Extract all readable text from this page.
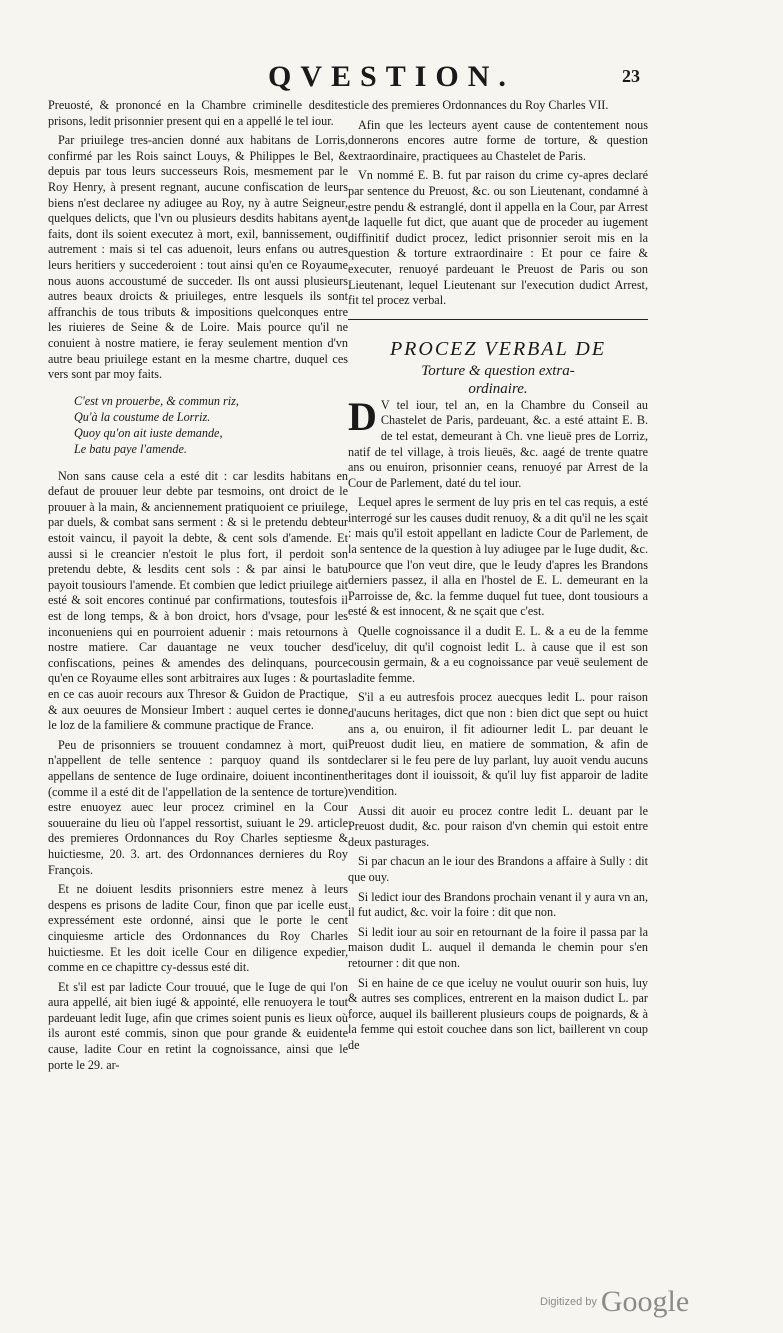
QVESTION.	23

Preuosté, & prononcé en la Chambre criminelle desdites prisons, ledit prisonnier present qui en a appellé le tel iour.

Par priuilege tres-ancien donné aux habitans de Lorris, confirmé par les Rois sainct Louys, & Philippes le Bel, & depuis par tous leurs successeurs Rois, mesmement par le Roy Henry, à present regnant, aucune confiscation de leurs biens n'est declaree ny adiugee au Roy, ny à autre Seigneur, quelques delicts, que l'vn ou plusieurs desdits habitans ayent faits, dont ils soient executez à mort, exil, bannissement, ou autrement : mais si tel cas aduenoit, leurs enfans ou autres leurs heritiers y succederoient : tout ainsi qu'en ce Royaume nous auons accoustumé de succeder. Ils ont aussi plusieurs autres beaux droicts & priuileges, entre lesquels ils sont affranchis de tous tributs & impositions quelconques entre les riuieres de Seine & de Loire. Mais pource qu'il ne conuient à nostre matiere, ie feray seulement mention d'vn autre beau priuilege estant en la mesme chartre, duquel ces vers sont par moy faits.

C'est vn prouerbe, & commun riz,
Qu'à la coustume de Lorriz.
Quoy qu'on ait iuste demande,
Le batu paye l'amende.

Non sans cause cela a esté dit : car lesdits habitans en defaut de prouuer leur debte par tesmoins, ont droict de le prouuer à la main, & anciennement pratiquoient ce priuilege, par duels, & combat sans serment : & si le pretendu debteur estoit vaincu, il payoit la debte, & cent sols d'amende. Et aussi si le creancier n'estoit le plus fort, il perdoit son pretendu debte, & lesdits cent sols : & par ainsi le batu payoit tousiours l'amende. Et combien que ledict priuilege ait esté & soit encores continué par confirmations, toutesfois il est de long temps, & à bon droict, hors d'vsage, pour les inconueniens qui en pourroient aduenir : mais retournons à nostre matiere. Car dauantage ne veux toucher des confiscations, peines & amendes des delinquans, pource qu'en ce Royaume elles sont arbitraires aux Iuges : & pourtas en ce cas auoir recours aux Thresor & Guidon de Practique, & aux oeuures de Monsieur Imbert : auquel certes ie donne le loz de la familiere & commune practique de France.

Peu de prisonniers se trouuent condamnez à mort, qui n'appellent de telle sentence : parquoy quand ils sont appellans de sentence de Iuge ordinaire, doiuent incontinent (comme il a esté dit de l'appellation de la sentence de torture) estre enuoyez auec leur procez criminel en la Cour souueraine du lieu où l'appel ressortist, suiuant le 29. article des premieres Ordonnances du Roy Charles septiesme & huictiesme, 20. 3. art. des Ordonnances dernieres du Roy François.

Et ne doiuent lesdits prisonniers estre menez à leurs despens es prisons de ladite Cour, finon que par icelle eust expressément este ordonné, ainsi que le porte le cent cinquiesme article des Ordonnances du Roy Charles huictiesme. Et les doit icelle Cour en diligence expedier, comme en ce chapittre cy-dessus esté dit.

Et s'il est par ladicte Cour trouué, que le Iuge de qui l'on aura appellé, ait bien iugé & appointé, elle renuoyera le tout pardeuant ledit Iuge, afin que crimes soient punis es lieux où ils auront esté commis, sinon que pour grande & euidente cause, ladite Cour en retint la cognoissance, ainsi que le porte le 29. ar-

ticle des premieres Ordonnances du Roy Charles VII.

Afin que les lecteurs ayent cause de contentement nous donnerons encores autre forme de torture, & question extraordinaire, practiquees au Chastelet de Paris.

Vn nommé E. B. fut par raison du crime cy-apres declaré par sentence du Preuost, &c. ou son Lieutenant, condamné à estre pendu & estranglé, dont il appella en la Cour, par Arrest de laquelle fut dict, que auant que de proceder au iugement diffinitif dudict procez, ledict prisonnier seroit mis en la question & torture extraordinaire : Et pour ce faire & executer, renuoyé pardeuant le Preuost de Paris ou son Lieutenant, lequel Lieutenant sur l'execution dudict Arrest, fit tel procez verbal.

PROCEZ VERBAL DE
Torture & question extra-
ordinaire.

D V tel iour, tel an, en la Chambre du Conseil au Chastelet de Paris, pardeuant, &c. a esté attaint E. B. de tel estat, demeurant à Ch. vne lieuë pres de Lorriz, natif de tel village, à trois lieuës, &c. aagé de trente quatre ans ou enuiron, prisonnier ceans, renuoyé par Arrest de la Cour de Parlement, daté du tel iour.

Lequel apres le serment de luy pris en tel cas requis, a esté interrogé sur les causes dudit renuoy, & a dit qu'il ne les sçait : mais qu'il estoit appellant en ladicte Cour de Parlement, de la sentence de la question à luy adiugee par le Iuge dudit, &c. pource que l'on veut dire, que le Ieudy d'apres les Brandons derniers passez, il alla en l'hostel de E. L. demeurant en la Parroisse de, &c. la femme duquel fut tuee, dont tousiours a esté & est innocent, & ne sçait que c'est.

Quelle cognoissance il a dudit E. L. & a eu de la femme d'iceluy, dit qu'il cognoist ledit L. à cause que il est son cousin germain, & a eu cognoissance par veuë seulement de ladite femme.

S'il a eu autresfois procez auecques ledit L. pour raison d'aucuns heritages, dict que non : bien dict que sept ou huict ans a, ou enuiron, il fit adiourner ledit L. par deuant le Preuost dudit lieu, en matiere de sommation, & afin de declarer si le feu pere de luy parlant, luy auoit vendu aucuns heritages dont il iouissoit, & qu'il luy fist apparoir de ladite vendition.

Aussi dit auoir eu procez contre ledit L. deuant par le Preuost dudit, &c. pour raison d'vn chemin qui estoit entre deux pasturages.

Si par chacun an le iour des Brandons a affaire à Sully : dit que ouy.

Si ledict iour des Brandons prochain venant il y aura vn an, il fut audict, &c. voir la foire : dit que non.

Si ledit iour au soir en retournant de la foire il passa par la maison dudit L. auquel il demanda le chemin pour s'en retourner : dit que non.

Si en haine de ce que iceluy ne voulut ouurir son huis, luy & autres ses complices, entrerent en la maison dudict L. par force, auquel ils baillerent plusieurs coups de poignards, & à la femme qui estoit couchee dans son lict, baillerent vn coup de

Digitized by Google
